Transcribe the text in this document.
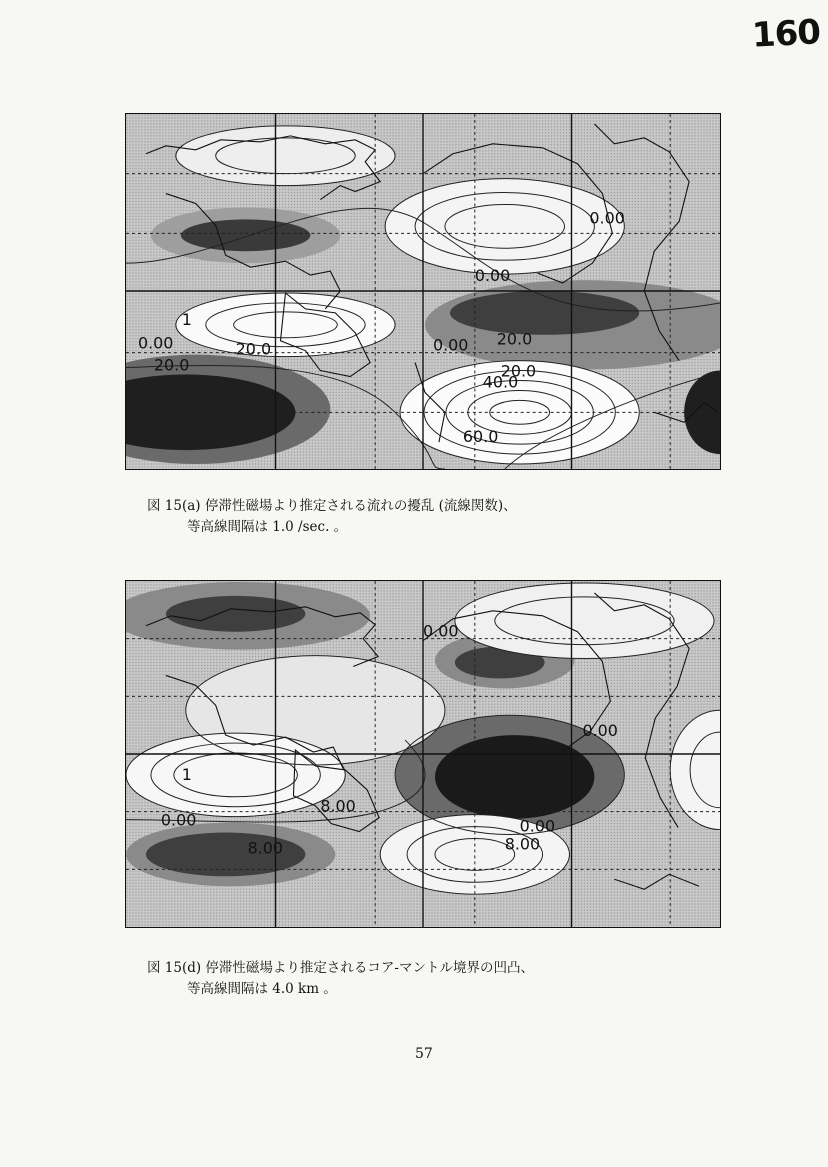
160
0.00
0.00
1
0.00	20.0
20.0
0.00 20.0
20.0
40.0
60.0
図 15(a) 停滞性磁場より推定される流れの擾乱 (流線関数)、
等高線間隔は 1.0 /sec. 。
0.00
0.00
1
0.00
8.00
8.00
0.00
8.00
図 15(d) 停滞性磁場より推定されるコア-マントル境界の凹凸、
等高線間隔は 4.0 km 。
57
